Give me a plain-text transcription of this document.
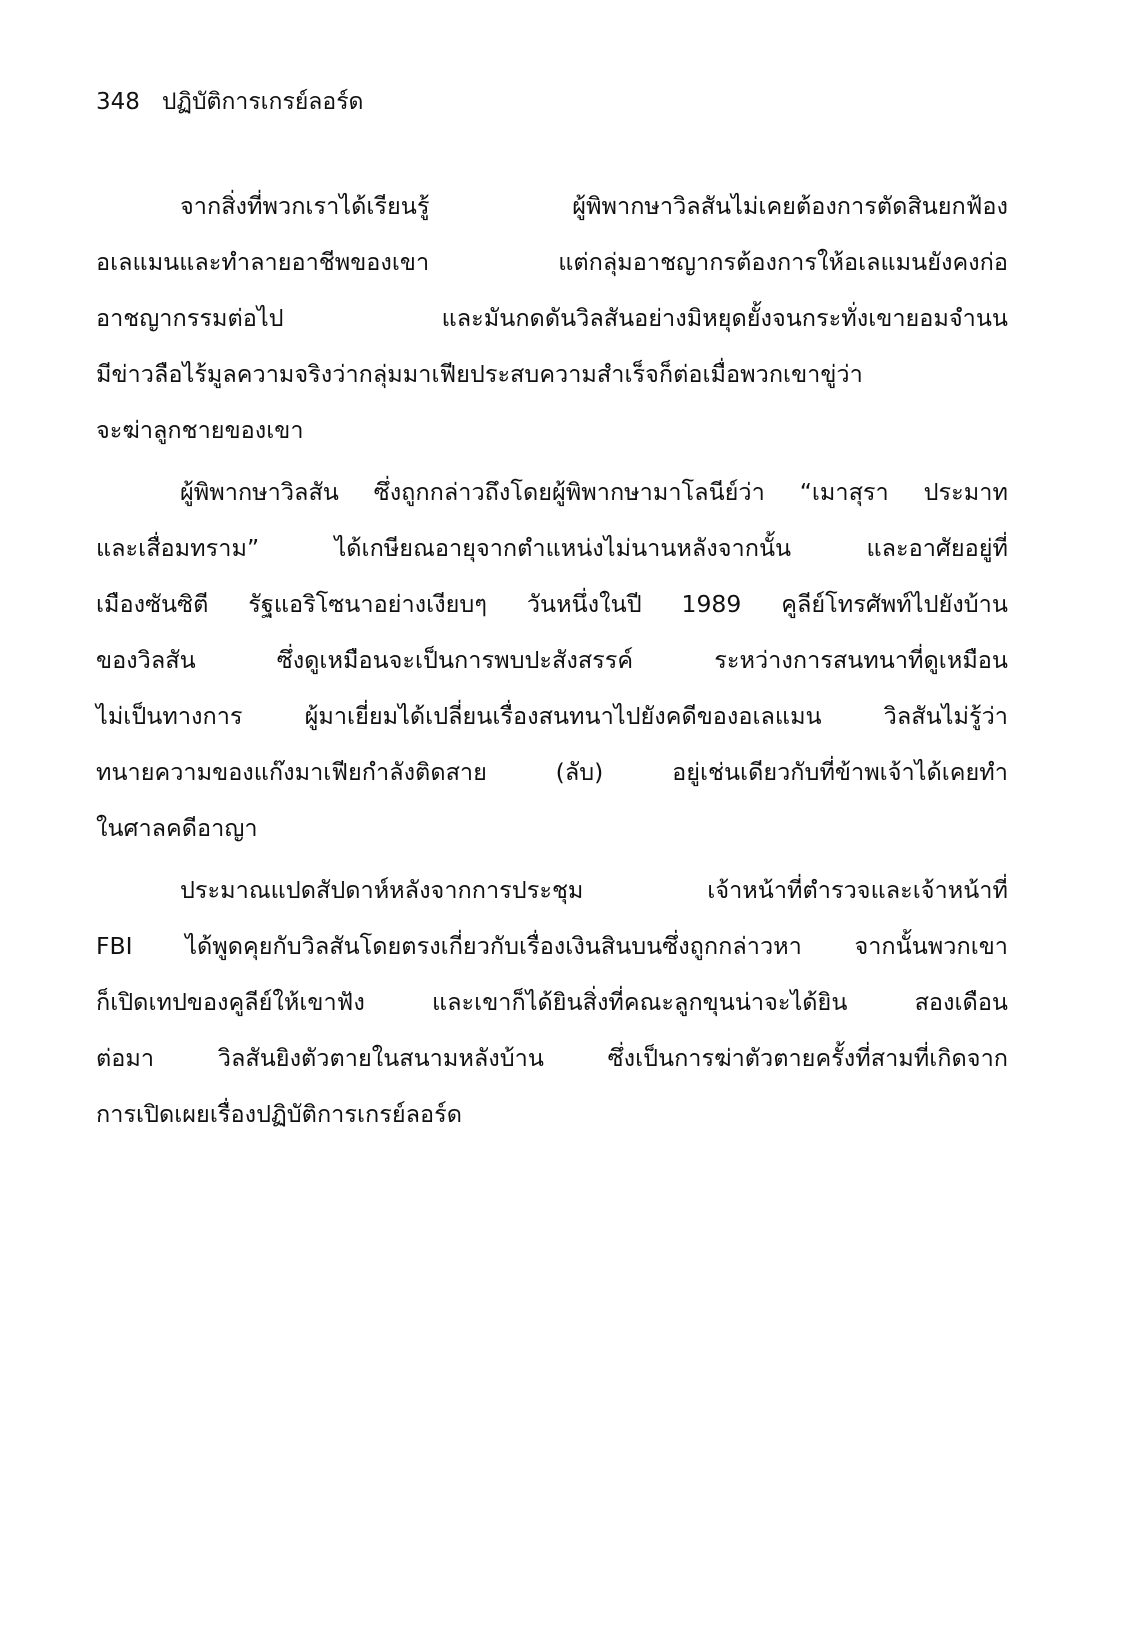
348 ปฏิบัติการเกรย์ลอร์ด
จากสิ่งที่พวกเราได้เรียนรู้	ผู้พิพากษาวิลสันไม่เคยต้องการตัดสินยกฟ้อง
อเลแมนและทำลายอาชีพของเขา	แต่กลุ่มอาชญากรต้องการให้อเลแมนยังคงก่อ
อาชญากรรมต่อไป	และมันกดดันวิลสันอย่างมิหยุดยั้งจนกระทั่งเขายอมจำนน
มีข่าวลือไร้มูลความจริงว่ากลุ่มมาเฟียประสบความสำเร็จก็ต่อเมื่อพวกเขาขู่ว่า
จะฆ่าลูกชายของเขา
ผู้พิพากษาวิลสัน ซึ่งถูกกล่าวถึงโดยผู้พิพากษามาโลนีย์ว่า “เมาสุรา ประมาท
และเสื่อมทราม”	ได้เกษียณอายุจากตำแหน่งไม่นานหลังจากนั้น	และอาศัยอยู่ที่
เมืองซันซิตี รัฐแอริโซนาอย่างเงียบๆ วันหนึ่งในปี 1989 คูลีย์โทรศัพท์ไปยังบ้าน
ของวิลสัน	ซึ่งดูเหมือนจะเป็นการพบปะสังสรรค์	ระหว่างการสนทนาที่ดูเหมือน
ไม่เป็นทางการ	ผู้มาเยี่ยมได้เปลี่ยนเรื่องสนทนาไปยังคดีของอเลแมน	วิลสันไม่รู้ว่า
ทนายความของแก๊งมาเฟียกำลังติดสาย	(ลับ)	อยู่เช่นเดียวกับที่ข้าพเจ้าได้เคยทำ
ในศาลคดีอาญา
ประมาณแปดสัปดาห์หลังจากการประชุม	เจ้าหน้าที่ตำรวจและเจ้าหน้าที่
FBI ได้พูดคุยกับวิลสันโดยตรงเกี่ยวกับเรื่องเงินสินบนซึ่งถูกกล่าวหา จากนั้นพวกเขา
ก็เปิดเทปของคูลีย์ให้เขาฟัง	และเขาก็ได้ยินสิ่งที่คณะลูกขุนน่าจะได้ยิน	สองเดือน
ต่อมา	วิลสันยิงตัวตายในสนามหลังบ้าน	ซึ่งเป็นการฆ่าตัวตายครั้งที่สามที่เกิดจาก
การเปิดเผยเรื่องปฏิบัติการเกรย์ลอร์ด
